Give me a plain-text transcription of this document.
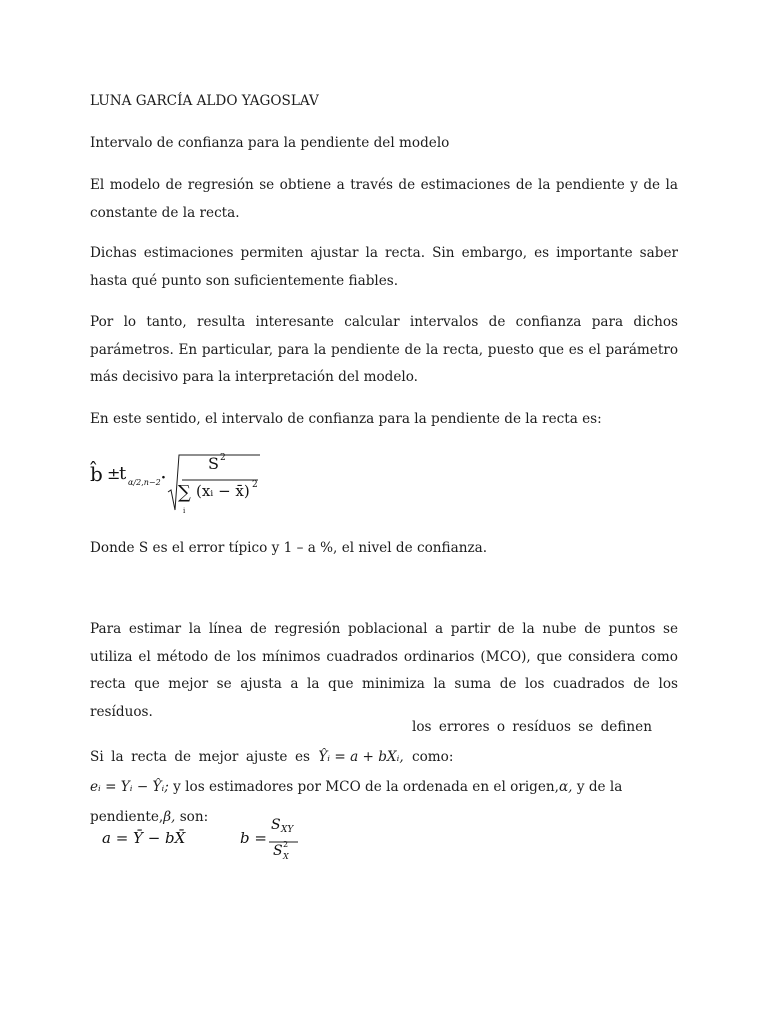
LUNA GARCÍA ALDO YAGOSLAV

Intervalo de confianza para la pendiente del modelo

El modelo de regresión se obtiene a través de estimaciones de la pendiente y de la constante de la recta.

Dichas estimaciones permiten ajustar la recta. Sin embargo, es importante saber hasta qué punto son suficientemente fiables.

Por lo tanto, resulta interesante calcular intervalos de confianza para dichos parámetros. En particular, para la pendiente de la recta, puesto que es el parámetro más decisivo para la interpretación del modelo.

En este sentido, el intervalo de confianza para la pendiente de la recta es:

b̂ ±
t α/2,n−2 ·
S 2
∑
i
(xᵢ − x̄) 2

Donde S es el error típico y 1 – a %, el nivel de confianza.

Para estimar la línea de regresión poblacional a partir de la nube de puntos se utiliza el método de los mínimos cuadrados ordinarios (MCO), que considera como recta que mejor se ajusta a la que minimiza la suma de los cuadrados de los resíduos.

Si la recta de mejor ajuste es Ŷᵢ = a + bXᵢ, los errores o resíduos se definen como:
eᵢ = Yᵢ − Ŷᵢ; y los estimadores por MCO de la ordenada en el origen,α, y de la pendiente,β, son:

a = Ȳ − bX̄	b =
S XY
S 2
X
